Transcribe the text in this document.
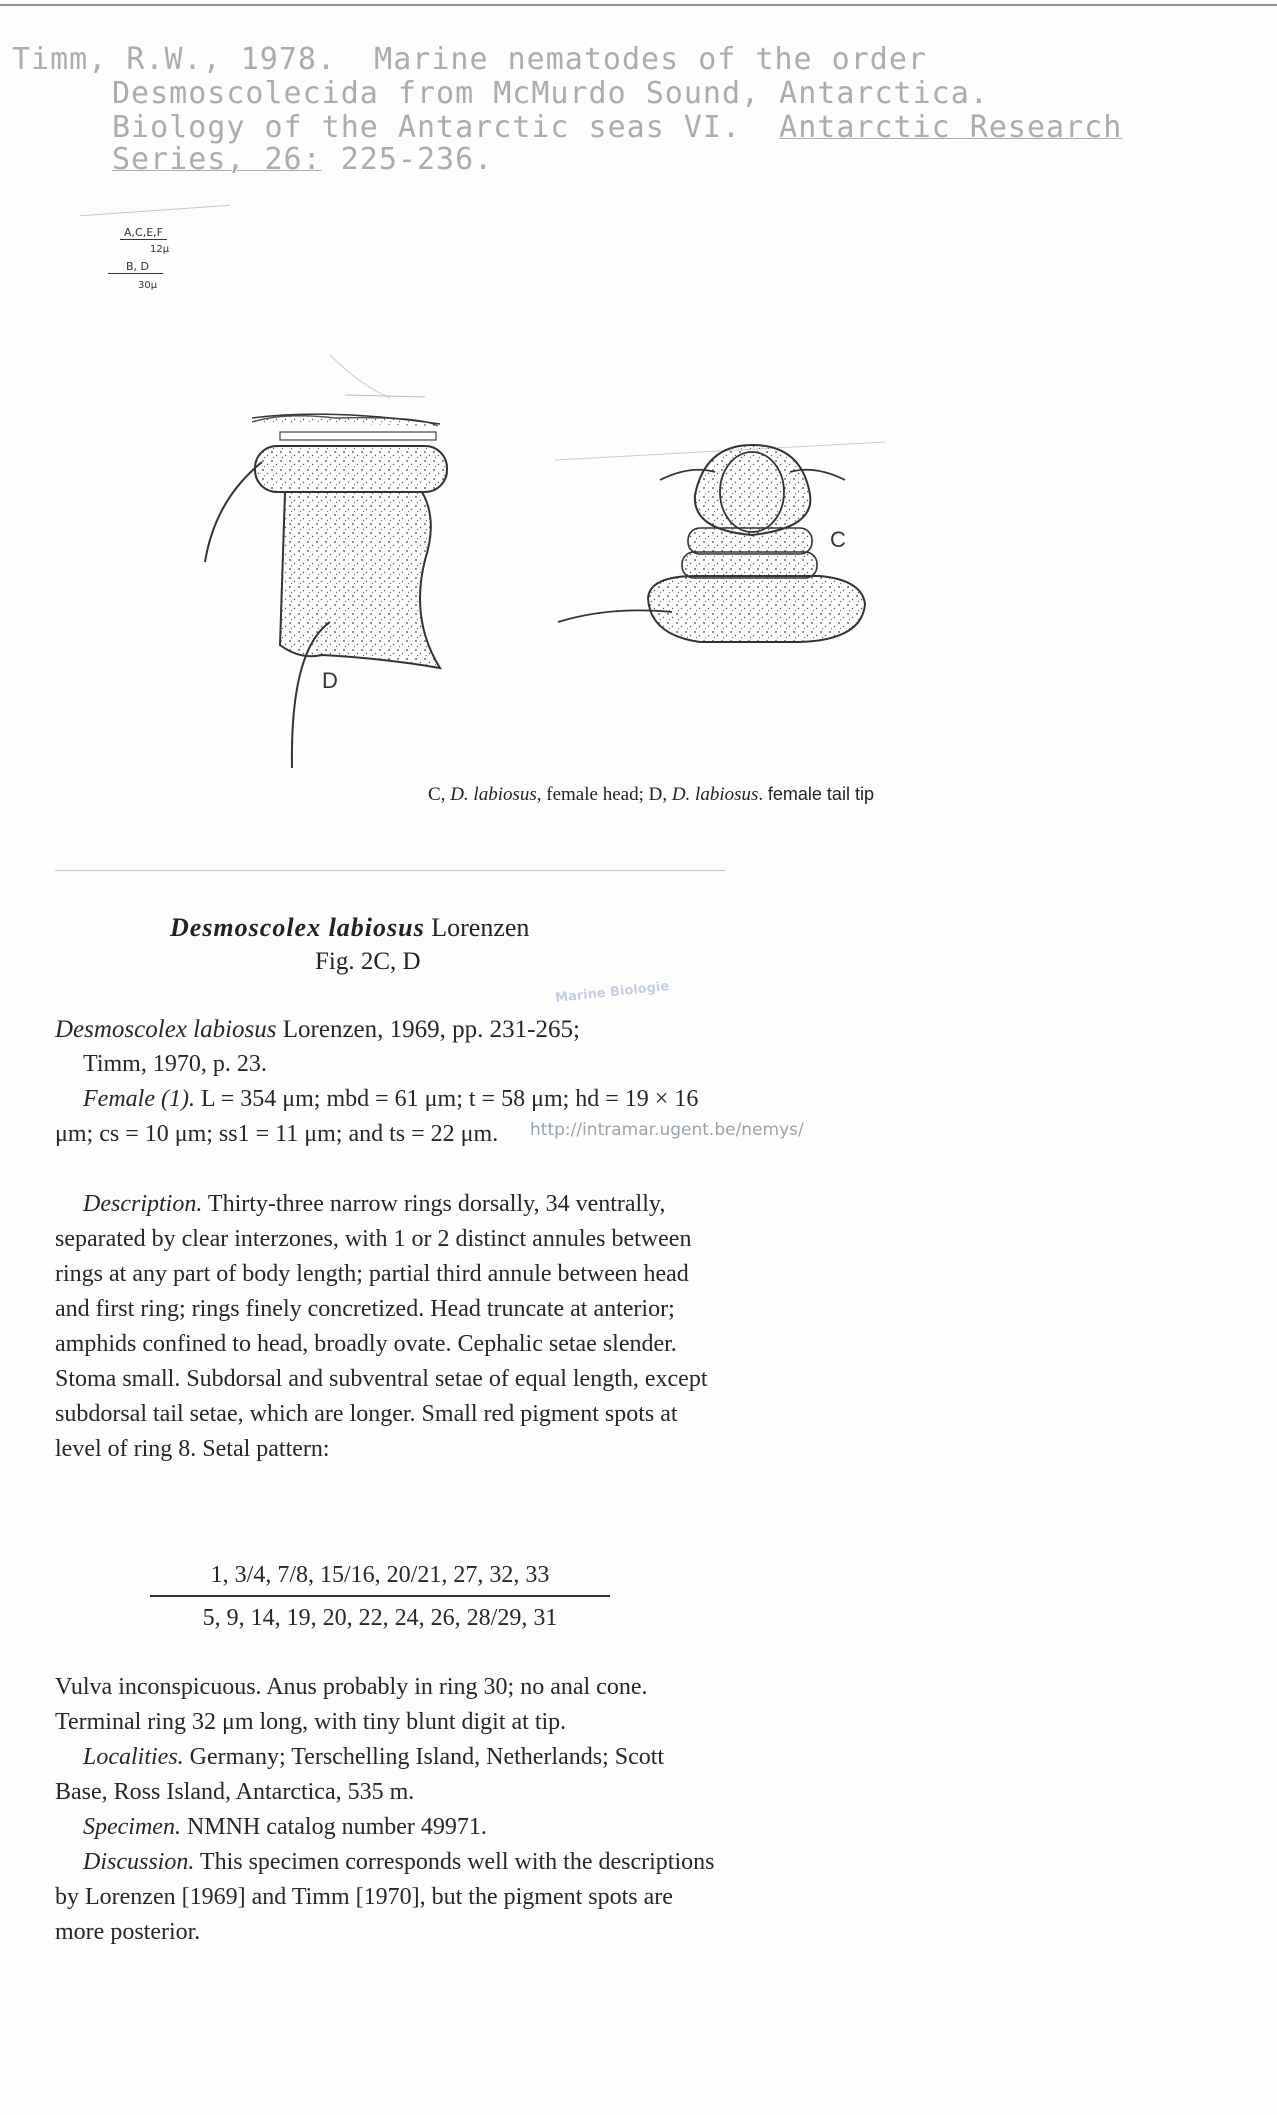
Timm, R.W., 1978.  Marine nematodes of the order
Desmoscolecida from McMurdo Sound, Antarctica.
Biology of the Antarctic seas VI. Antarctic Research
Series, 26: 225-236.
A,C,E,F
12μ
B, D
30μ
D
C
C, D. labiosus, female head; D, D. labiosus. female tail tip
Desmoscolex labiosus Lorenzen
Fig. 2C, D
Marine Biologie
http://intramar.ugent.be/nemys/

Desmoscolex labiosus Lorenzen, 1969, pp. 231-265;

Timm, 1970, p. 23.

Female (1). L = 354 μm; mbd = 61 μm; t = 58 μm; hd = 19 × 16 μm; cs = 10 μm; ss1 = 11 μm; and ts = 22 μm.

Description. Thirty-three narrow rings dorsally, 34 ventrally, separated by clear interzones, with 1 or 2 distinct annules between rings at any part of body length; partial third annule between head and first ring; rings finely concretized. Head truncate at anterior; amphids confined to head, broadly ovate. Cephalic setae slender. Stoma small. Subdorsal and subventral setae of equal length, except subdorsal tail setae, which are longer. Small red pigment spots at level of ring 8. Setal pattern:

$\frac{1, 3/4, 7/8, 15/16, 20/21, 27, 32, 33}{5, 9, 14, 19, 20, 22, 24, 26, 28/29, 31}$

Vulva inconspicuous. Anus probably in ring 30; no anal cone. Terminal ring 32 μm long, with tiny blunt digit at tip.

Localities. Germany; Terschelling Island, Netherlands; Scott Base, Ross Island, Antarctica, 535 m.

Specimen. NMNH catalog number 49971.

Discussion. This specimen corresponds well with the descriptions by Lorenzen [1969] and Timm [1970], but the pigment spots are more posterior.
